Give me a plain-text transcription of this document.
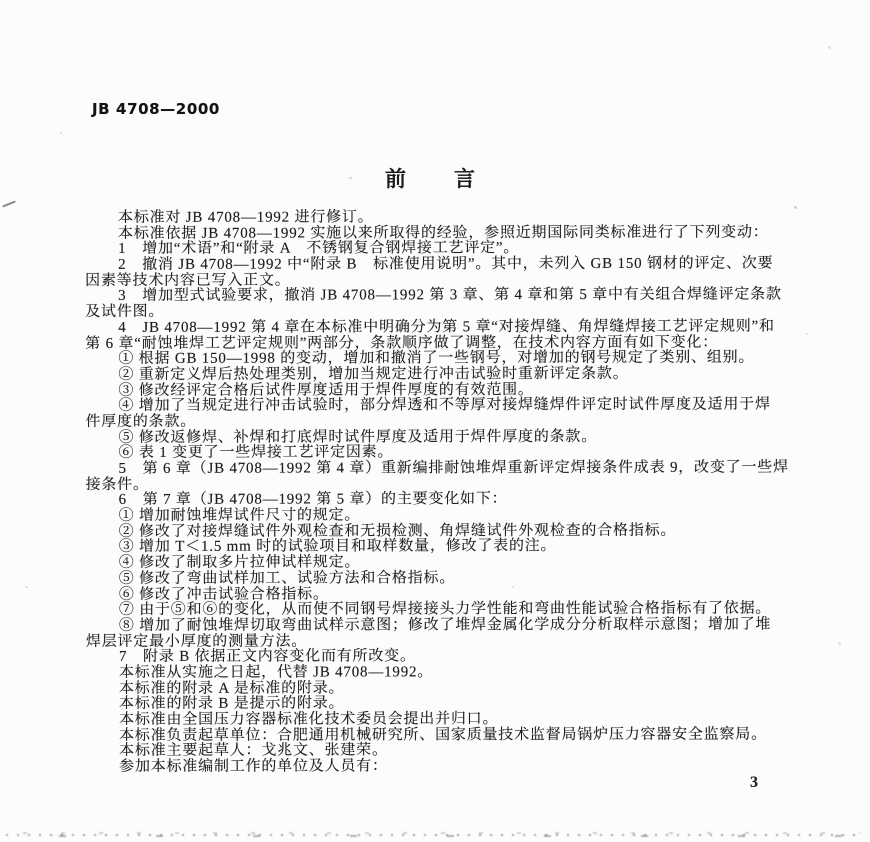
JB 4708—2000
前　　言
本标准对 JB 4708—1992 进行修订。
本标准依据 JB 4708—1992 实施以来所取得的经验，参照近期国际同类标准进行了下列变动：
1　增加“术语”和“附录 A　不锈钢复合钢焊接工艺评定”。
2　撤消 JB 4708—1992 中“附录 B　标准使用说明”。其中，未列入 GB 150 钢材的评定、次要
因素等技术内容已写入正文。
3　增加型式试验要求，撤消 JB 4708—1992 第 3 章、第 4 章和第 5 章中有关组合焊缝评定条款
及试件图。
4　JB 4708—1992 第 4 章在本标准中明确分为第 5 章“对接焊缝、角焊缝焊接工艺评定规则”和
第 6 章“耐蚀堆焊工艺评定规则”两部分，条款顺序做了调整，在技术内容方面有如下变化：
① 根据 GB 150—1998 的变动，增加和撤消了一些钢号，对增加的钢号规定了类别、组别。
② 重新定义焊后热处理类别，增加当规定进行冲击试验时重新评定条款。
③ 修改经评定合格后试件厚度适用于焊件厚度的有效范围。
④ 增加了当规定进行冲击试验时，部分焊透和不等厚对接焊缝焊件评定时试件厚度及适用于焊
件厚度的条款。
⑤ 修改返修焊、补焊和打底焊时试件厚度及适用于焊件厚度的条款。
⑥ 表 1 变更了一些焊接工艺评定因素。
5　第 6 章（JB 4708—1992 第 4 章）重新编排耐蚀堆焊重新评定焊接条件成表 9，改变了一些焊
接条件。
6　第 7 章（JB 4708—1992 第 5 章）的主要变化如下：
① 增加耐蚀堆焊试件尺寸的规定。
② 修改了对接焊缝试件外观检查和无损检测、角焊缝试件外观检查的合格指标。
③ 增加 T＜1.5 mm 时的试验项目和取样数量，修改了表的注。
④ 修改了制取多片拉伸试样规定。
⑤ 修改了弯曲试样加工、试验方法和合格指标。
⑥ 修改了冲击试验合格指标。
⑦ 由于⑤和⑥的变化，从而使不同钢号焊接接头力学性能和弯曲性能试验合格指标有了依据。
⑧ 增加了耐蚀堆焊切取弯曲试样示意图；修改了堆焊金属化学成分分析取样示意图；增加了堆
焊层评定最小厚度的测量方法。
7　附录 B 依据正文内容变化而有所改变。
本标准从实施之日起，代替 JB 4708—1992。
本标准的附录 A 是标准的附录。
本标准的附录 B 是提示的附录。
本标准由全国压力容器标准化技术委员会提出并归口。
本标准负责起草单位：合肥通用机械研究所、国家质量技术监督局锅炉压力容器安全监察局。
本标准主要起草人：戈兆文、张建荣。
参加本标准编制工作的单位及人员有：
3
